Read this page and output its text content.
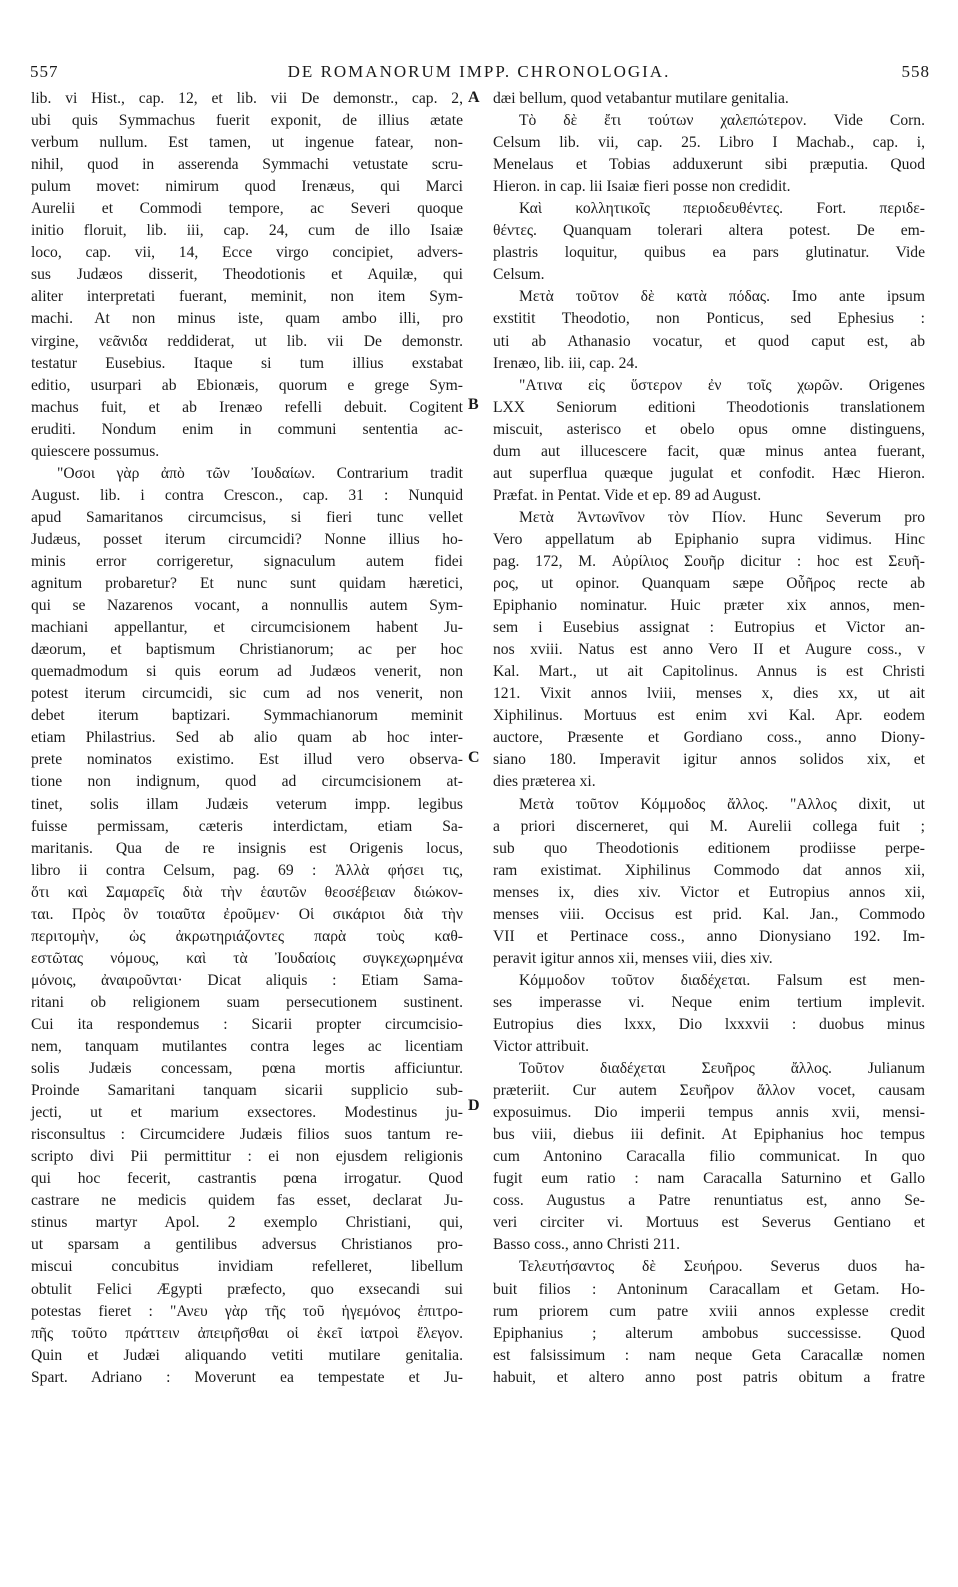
557	DE ROMANORUM IMPP. CHRONOLOGIA.	558
lib. vi Hist., cap. 12, et lib. vii De demonstr., cap. 2,
ubi quis Symmachus fuerit exponit, de illius ætate
verbum nullum. Est tamen, ut ingenue fatear, non-
nihil, quod in asserenda Symmachi vetustate scru-
pulum movet: nimirum quod Irenæus, qui Marci
Aurelii et Commodi tempore, ac Severi quoque
initio floruit, lib. iii, cap. 24, cum de illo Isaiæ
loco, cap. vii, 14, Ecce virgo concipiet, advers-
sus Judæos disserit, Theodotionis et Aquilæ, qui
aliter interpretati fuerant, meminit, non item Sym-
machi. At non minus iste, quam ambo illi, pro
virgine, νεᾶνιδα reddiderat, ut lib. vii De demonstr.
testatur Eusebius. Itaque si tum illius exstabat
editio, usurpari ab Ebionæis, quorum e grege Sym-
machus fuit, et ab Irenæo refelli debuit. Cogitent
eruditi. Nondum enim in communi sententia ac-
quiescere possumus.
"Οσοι γὰρ ἀπὸ τῶν Ἰουδαίων. Contrarium tradit
August. lib. i contra Crescon., cap. 31 : Nunquid
apud Samaritanos circumcisus, si fieri tunc vellet
Judæus, posset iterum circumcidi? Nonne illius ho-
minis error corrigeretur, signaculum autem fidei
agnitum probaretur? Et nunc sunt quidam hæretici,
qui se Nazarenos vocant, a nonnullis autem Sym-
machiani appellantur, et circumcisionem habent Ju-
dæorum, et baptismum Christianorum; ac per hoc
quemadmodum si quis eorum ad Judæos venerit, non
potest iterum circumcidi, sic cum ad nos venerit, non
debet iterum baptizari. Symmachianorum meminit
etiam Philastrius. Sed ab alio quam ab hoc inter-
prete nominatos existimo. Est illud vero observa-
tione non indignum, quod ad circumcisionem at-
tinet, solis illam Judæis veterum impp. legibus
fuisse permissam, cæteris interdictam, etiam Sa-
maritanis. Qua de re insignis est Origenis locus,
libro ii contra Celsum, pag. 69 : Ἀλλὰ φήσει τις,
ὅτι καὶ Σαμαρεῖς διὰ τὴν ἑαυτῶν θεοσέβειαν διώκον-
ται. Πρὸς ὃν τοιαῦτα ἐροῦμεν· Οἱ σικάριοι διὰ τὴν
περιτομὴν, ὡς ἀκρωτηριάζοντες παρὰ τοὺς καθ-
εστῶτας νόμους, καὶ τὰ Ἰουδαίοις συγκεχωρημένα
μόνοις, ἀναιροῦνται· Dicat aliquis : Etiam Sama-
ritani ob religionem suam persecutionem sustinent.
Cui ita respondemus : Sicarii propter circumcisio-
nem, tanquam mutilantes contra leges ac licentiam
solis Judæis concessam, pœna mortis afficiuntur.
Proinde Samaritani tanquam sicarii supplicio sub-
jecti, ut et marium exsectores. Modestinus ju-
risconsultus : Circumcidere Judæis filios suos tantum re-
scripto divi Pii permittitur : ei non ejusdem religionis
qui hoc fecerit, castrantis pœna irrogatur. Quod
castrare ne medicis quidem fas esset, declarat Ju-
stinus martyr Apol. 2 exemplo Christiani, qui,
ut sparsam a gentilibus adversus Christianos pro-
miscui concubitus invidiam refelleret, libellum
obtulit Felici Ægypti præfecto, quo exsecandi sui
potestas fieret : "Ανευ γὰρ τῆς τοῦ ἡγεμόνος ἐπιτρο-
πῆς τοῦτο πράττειν ἀπειρῆσθαι οἱ ἐκεῖ ἰατροὶ ἔλεγον.
Quin et Judæi aliquando vetiti mutilare genitalia.
Spart. Adriano : Moverunt ea tempestate et Ju-
dæi bellum, quod vetabantur mutilare genitalia.
Τὸ δὲ ἔτι τούτων χαλεπώτερον. Vide Corn.
Celsum lib. vii, cap. 25. Libro I Machab., cap. i,
Menelaus et Tobias adduxerunt sibi præputia. Quod
Hieron. in cap. lii Isaiæ fieri posse non credidit.
Καὶ κολλητικοῖς περιοδευθέντες. Fort. περιδε-
θέντες. Quanquam tolerari altera potest. De em-
plastris loquitur, quibus ea pars glutinatur. Vide
Celsum.
Μετὰ τοῦτον δὲ κατὰ πόδας. Imo ante ipsum
exstitit Theodotio, non Ponticus, sed Ephesius :
uti ab Athanasio vocatur, et quod caput est, ab
Irenæo, lib. iii, cap. 24.
"Ατινα εἰς ὕστερον ἐν τοῖς χωρῶν. Origenes
LXX Seniorum editioni Theodotionis translationem
miscuit, asterisco et obelo opus omne distinguens,
dum aut illucescere facit, quæ minus antea fuerant,
aut superflua quæque jugulat et confodit. Hæc Hieron.
Præfat. in Pentat. Vide et ep. 89 ad August.
Μετὰ Ἀντωνῖνον τὸν Πίον. Hunc Severum pro
Vero appellatum ab Epiphanio supra vidimus. Hinc
pag. 172, M. Αὐρίλιος Σουῆρ dicitur : hoc est Σευῆ-
ρος, ut opinor. Quanquam sæpe Οὖῆρος recte ab
Epiphanio nominatur. Huic præter xix annos, men-
sem i Eusebius assignat : Eutropius et Victor an-
nos xviii. Natus est anno Vero II et Augure coss., v
Kal. Mart., ut ait Capitolinus. Annus is est Christi
121. Vixit annos lviii, menses x, dies xx, ut ait
Xiphilinus. Mortuus est enim xvi Kal. Apr. eodem
auctore, Præsente et Gordiano coss., anno Diony-
siano 180. Imperavit igitur annos solidos xix, et
dies præterea xi.
Μετὰ τοῦτον Κόμμοδος ἄλλος. "Αλλος dixit, ut
a priori discerneret, qui M. Aurelii collega fuit ;
sub quo Theodotionis editionem prodiisse perpe-
ram existimat. Xiphilinus Commodo dat annos xii,
menses ix, dies xiv. Victor et Eutropius annos xii,
menses viii. Occisus est prid. Kal. Jan., Commodo
VII et Pertinace coss., anno Dionysiano 192. Im-
peravit igitur annos xii, menses viii, dies xiv.
Κόμμοδον τοῦτον διαδέχεται. Falsum est men-
ses imperasse vi. Neque enim tertium implevit.
Eutropius dies lxxx, Dio lxxxvii : duobus minus
Victor attribuit.
Τοῦτον διαδέχεται Σευῆρος ἄλλος. Julianum
præteriit. Cur autem Σευῆρον ἄλλον vocet, causam
exposuimus. Dio imperii tempus annis xvii, mensi-
bus viii, diebus iii definit. At Epiphanius hoc tempus
cum Antonino Caracalla filio communicat. In quo
fugit eum ratio : nam Caracalla Saturnino et Gallo
coss. Augustus a Patre renuntiatus est, anno Se-
veri circiter vi. Mortuus est Severus Gentiano et
Basso coss., anno Christi 211.
Τελευτήσαντος δὲ Σευήρου. Severus duos ha-
buit filios : Antoninum Caracallam et Getam. Ho-
rum priorem cum patre xviii annos explesse credit
Epiphanius ; alterum ambobus successisse. Quod
est falsissimum : nam neque Geta Caracallæ nomen
habuit, et altero anno post patris obitum a fratre
A
B
C
D
